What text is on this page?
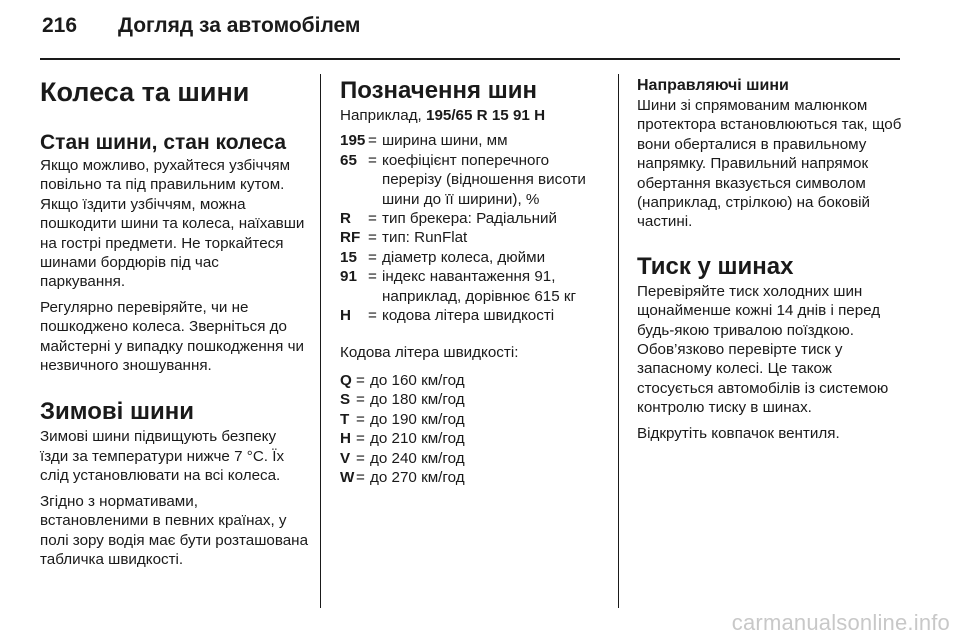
216	Догляд за автомобілем
Колеса та шини
Стан шини, стан колеса

Якщо можливо, рухайтеся узбіччям повільно та під правильним кутом. Якщо їздити узбіччям, можна пошкодити шини та колеса, наїхавши на гострі предмети. Не торкайтеся шинами бордюрів під час паркування.

Регулярно перевіряйте, чи не пошкоджено колеса. Зверніться до майстерні у випадку пошкодження чи незвичного зношування.

Зимові шини

Зимові шини підвищують безпеку їзди за температури нижче 7 °C. Їх слід установлювати на всі колеса.

Згідно з нормативами, встановленими в певних країнах, у полі зору водія має бути розташована табличка швидкості.

Позначення шин

Наприклад, 195/65 R 15 91 H

195	=	ширина шини, мм
65	=	коефіцієнт поперечного перерізу (відношення висоти шини до її ширини), %
R	=	тип брекера: Радіальний
RF	=	тип: RunFlat
15	=	діаметр колеса, дюйми
91	=	індекс навантаження 91, наприклад, дорівнює 615 кг
H	=	кодова літера швидкості

Кодова літера швидкості:

Q	=	до 160 км/год
S	=	до 180 км/год
T	=	до 190 км/год
H	=	до 210 км/год
V	=	до 240 км/год
W	=	до 270 км/год
Направляючі шини

Шини зі спрямованим малюнком протектора встановлюються так, щоб вони оберталися в правильному напрямку. Правильний напрямок обертання вказується символом (наприклад, стрілкою) на боковій частині.

Тиск у шинах

Перевіряйте тиск холодних шин щонайменше кожні 14 днів і перед будь-якою тривалою поїздкою. Обов’язково перевірте тиск у запасному колесі. Це також стосується автомобілів із системою контролю тиску в шинах.

Відкрутіть ковпачок вентиля.

carmanualsonline.info
